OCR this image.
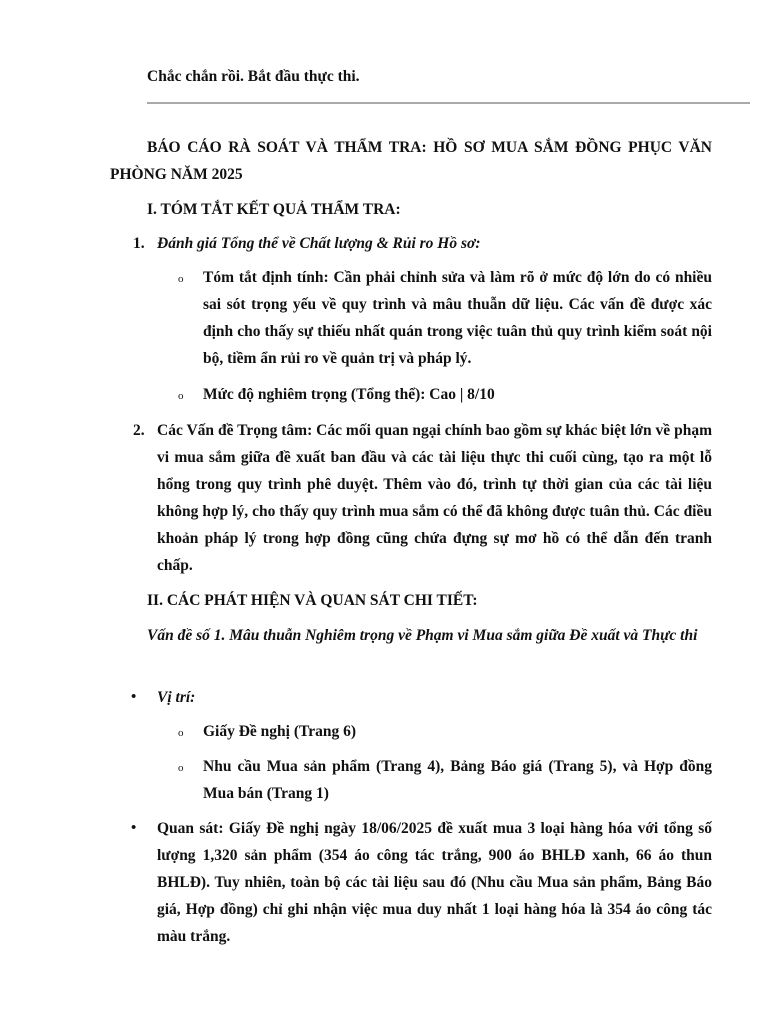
Chắc chắn rồi. Bắt đầu thực thi.
BÁO CÁO RÀ SOÁT VÀ THẨM TRA: HỒ SƠ MUA SẮM ĐỒNG PHỤC VĂN PHÒNG NĂM 2025
I. TÓM TẮT KẾT QUẢ THẨM TRA:
1. Đánh giá Tổng thể về Chất lượng & Rủi ro Hồ sơ:
o Tóm tắt định tính: Cần phải chỉnh sửa và làm rõ ở mức độ lớn do có nhiều sai sót trọng yếu về quy trình và mâu thuẫn dữ liệu. Các vấn đề được xác định cho thấy sự thiếu nhất quán trong việc tuân thủ quy trình kiểm soát nội bộ, tiềm ẩn rủi ro về quản trị và pháp lý.
o Mức độ nghiêm trọng (Tổng thể): Cao | 8/10
2. Các Vấn đề Trọng tâm: Các mối quan ngại chính bao gồm sự khác biệt lớn về phạm vi mua sắm giữa đề xuất ban đầu và các tài liệu thực thi cuối cùng, tạo ra một lỗ hổng trong quy trình phê duyệt. Thêm vào đó, trình tự thời gian của các tài liệu không hợp lý, cho thấy quy trình mua sắm có thể đã không được tuân thủ. Các điều khoản pháp lý trong hợp đồng cũng chứa đựng sự mơ hồ có thể dẫn đến tranh chấp.
II. CÁC PHÁT HIỆN VÀ QUAN SÁT CHI TIẾT:
Vấn đề số 1. Mâu thuẫn Nghiêm trọng về Phạm vi Mua sắm giữa Đề xuất và Thực thi
• Vị trí:
o Giấy Đề nghị (Trang 6)
o Nhu cầu Mua sản phẩm (Trang 4), Bảng Báo giá (Trang 5), và Hợp đồng Mua bán (Trang 1)
• Quan sát: Giấy Đề nghị ngày 18/06/2025 đề xuất mua 3 loại hàng hóa với tổng số lượng 1,320 sản phẩm (354 áo công tác trắng, 900 áo BHLĐ xanh, 66 áo thun BHLĐ). Tuy nhiên, toàn bộ các tài liệu sau đó (Nhu cầu Mua sản phẩm, Bảng Báo giá, Hợp đồng) chỉ ghi nhận việc mua duy nhất 1 loại hàng hóa là 354 áo công tác màu trắng.
